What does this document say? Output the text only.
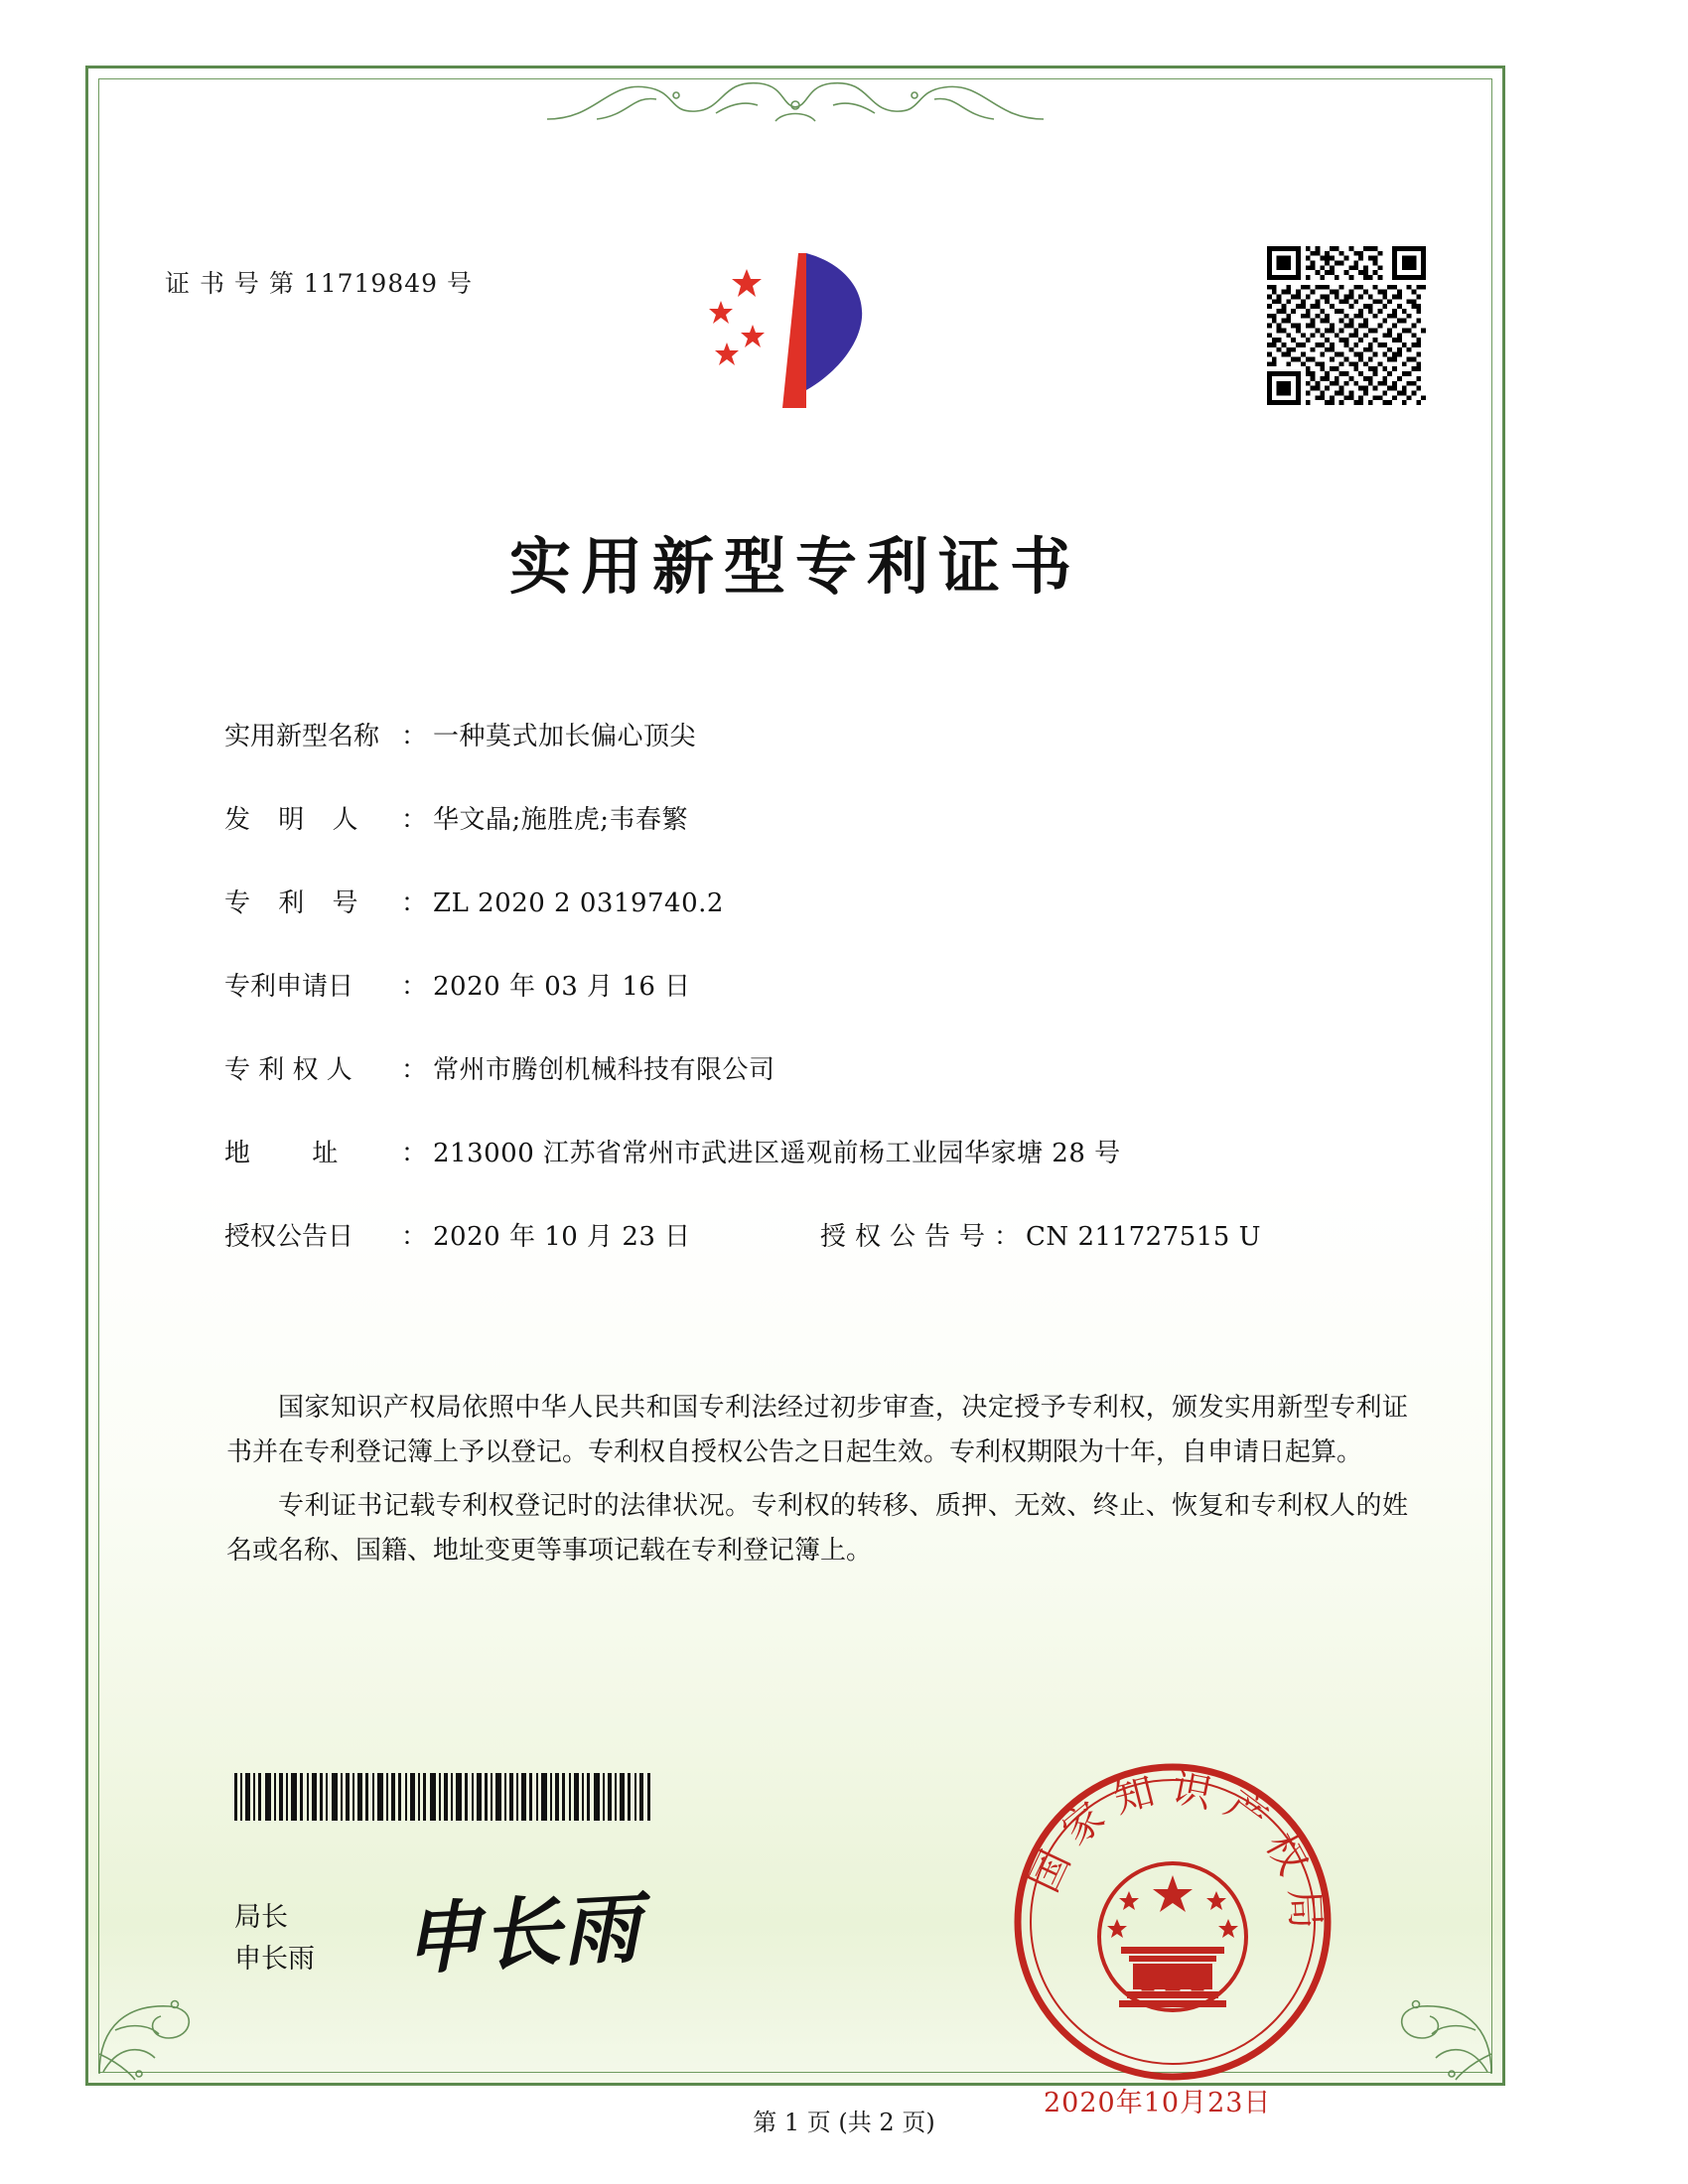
证 书 号 第 11719849 号
实用新型专利证书
实用新型名称 ： 一种莫式加长偏心顶尖
发 明 人	： 华文晶;施胜虎;韦春繁
专 利 号	： ZL 2020 2 0319740.2
专利申请日	： 2020 年 03 月 16 日
专 利 权 人	： 常州市腾创机械科技有限公司
地 址	： 213000 江苏省常州市武进区遥观前杨工业园华家塘 28 号
授权公告日	： 2020 年 10 月 23 日	授权公告号 ： CN 211727515 U

国家知识产权局依照中华人民共和国专利法经过初步审查，决定授予专利权，颁发实用新型专利证书并在专利登记簿上予以登记。专利权自授权公告之日起生效。专利权期限为十年，自申请日起算。

专利证书记载专利权登记时的法律状况。专利权的转移、质押、无效、终止、恢复和专利权人的姓名或名称、国籍、地址变更等事项记载在专利登记簿上。

局长
申长雨 申长雨
国家知识产权局
2020年10月23日
第 1 页 (共 2 页)
